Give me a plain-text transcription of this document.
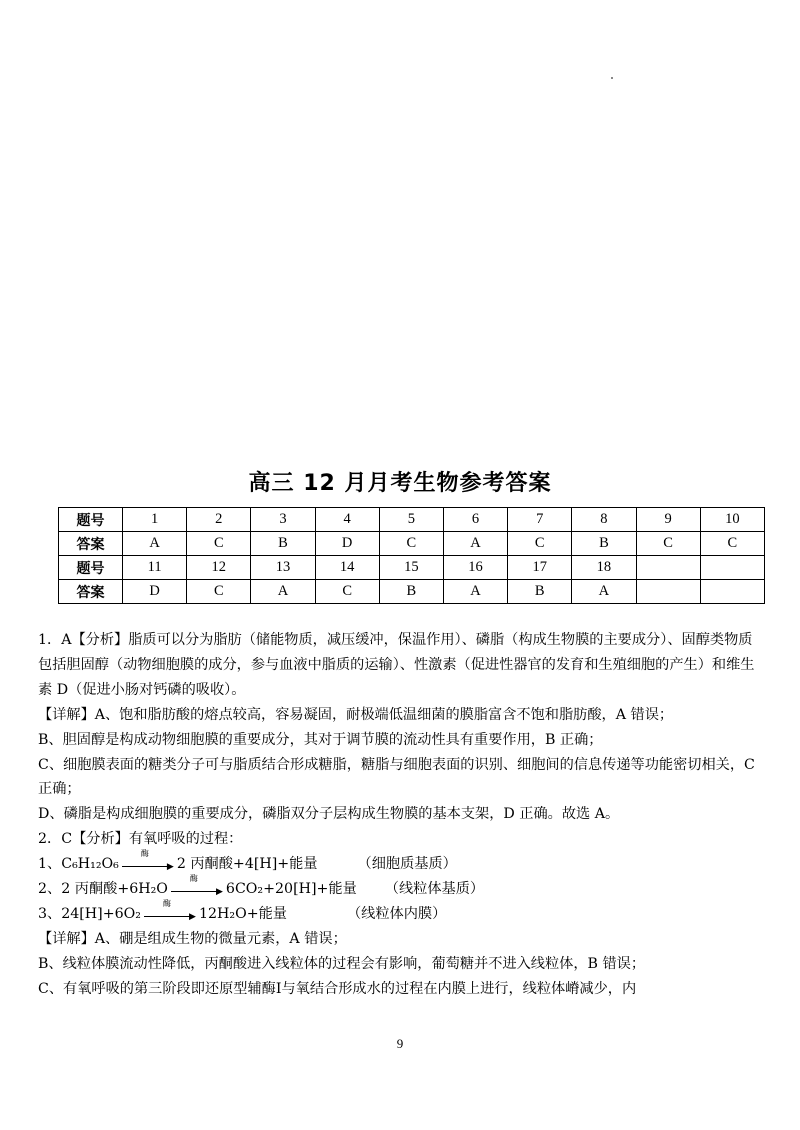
高三 12 月月考生物参考答案
题号	1	2	3	4	5	6	7	8	9	10
答案	A	C	B	D	C	A	C	B	C	C
题号	11	12	13	14	15	16	17	18		
答案	D	C	A	C	B	A	B	A		

1．A【分析】脂质可以分为脂肪（储能物质，减压缓冲，保温作用）、磷脂（构成生物膜的主要成分）、固醇类物质包括胆固醇（动物细胞膜的成分，参与血液中脂质的运输）、性激素（促进性器官的发育和生殖细胞的产生）和维生素 D（促进小肠对钙磷的吸收）。

【详解】A、饱和脂肪酸的熔点较高，容易凝固，耐极端低温细菌的膜脂富含不饱和脂肪酸，A 错误；

B、胆固醇是构成动物细胞膜的重要成分，其对于调节膜的流动性具有重要作用，B 正确；

C、细胞膜表面的糖类分子可与脂质结合形成糖脂，糖脂与细胞表面的识别、细胞间的信息传递等功能密切相关，C 正确；

D、磷脂是构成细胞膜的重要成分，磷脂双分子层构成生物膜的基本支架，D 正确。故选 A。

2．C【分析】有氧呼吸的过程：

1、C₆H₁₂O₆
酶
▶ 2 丙酮酸+4[H]+能量	（细胞质基质）

2、2 丙酮酸+6H₂O
酶
▶ 6CO₂+20[H]+能量 （线粒体基质）

3、24[H]+6O₂
酶
▶ 12H₂O+能量	（线粒体内膜）

【详解】A、硼是组成生物的微量元素，A 错误；

B、线粒体膜流动性降低，丙酮酸进入线粒体的过程会有影响，葡萄糖并不进入线粒体，B 错误；

C、有氧呼吸的第三阶段即还原型辅酶Ⅰ与氧结合形成水的过程在内膜上进行，线粒体嵴减少，内

9
